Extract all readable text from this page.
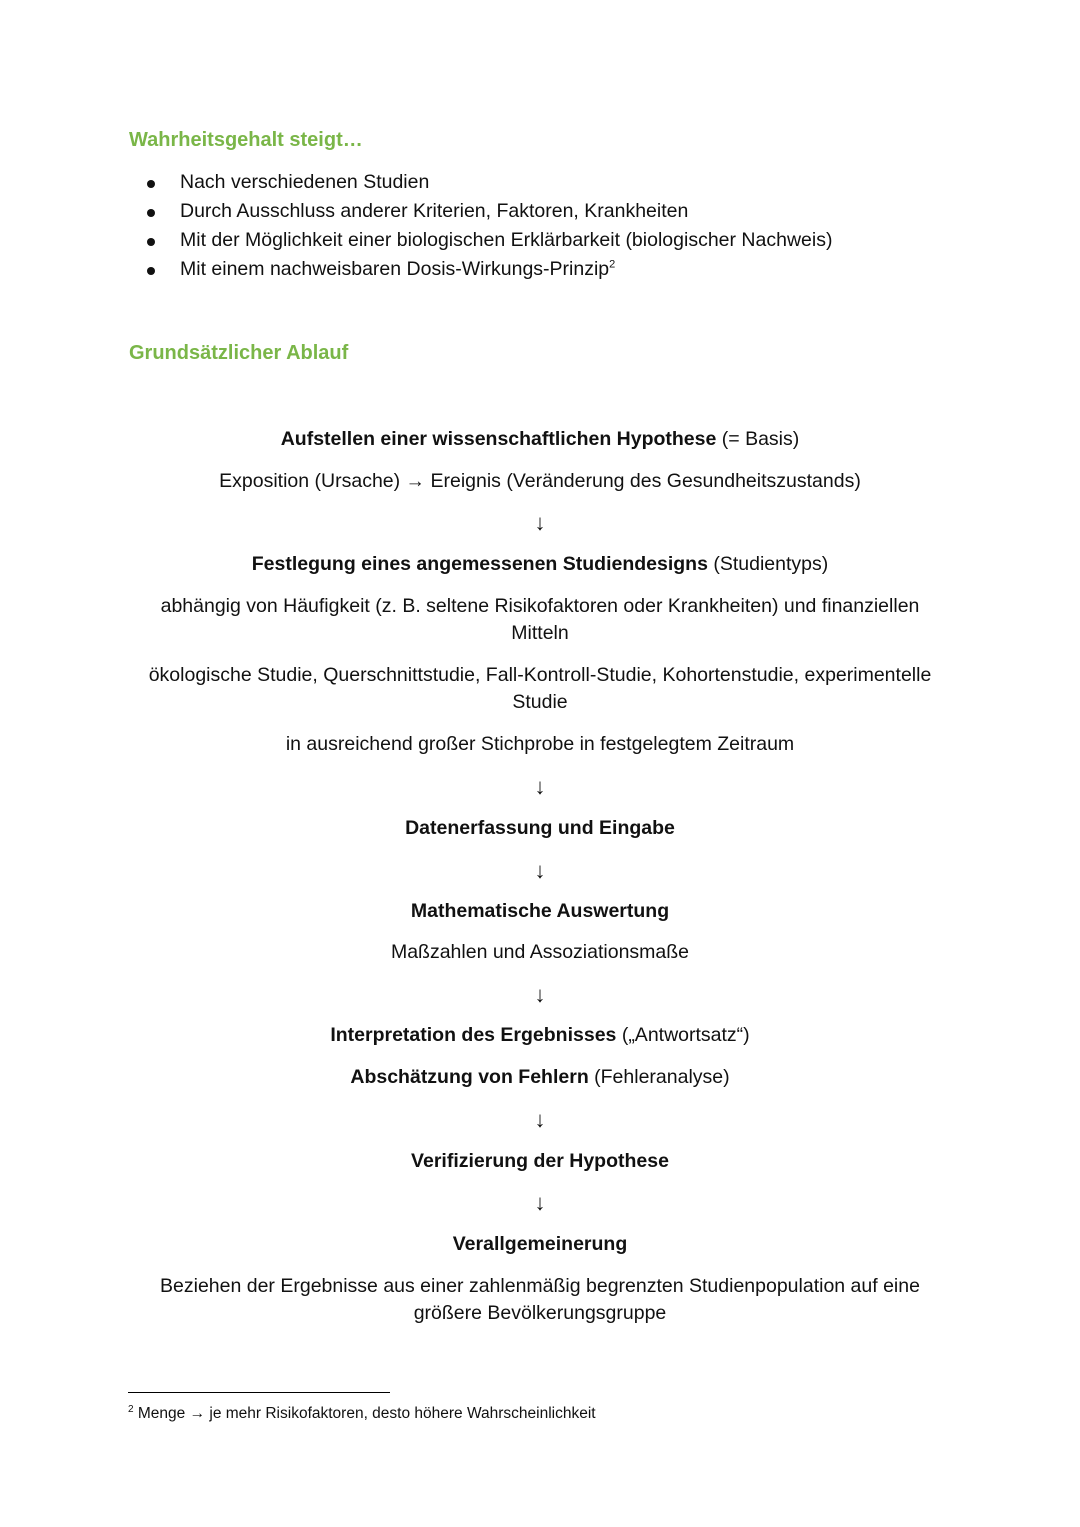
Wahrheitsgehalt steigt…
Nach verschiedenen Studien
Durch Ausschluss anderer Kriterien, Faktoren, Krankheiten
Mit der Möglichkeit einer biologischen Erklärbarkeit (biologischer Nachweis)
Mit einem nachweisbaren Dosis-Wirkungs-Prinzip$^2$
Grundsätzlicher Ablauf
Aufstellen einer wissenschaftlichen Hypothese (= Basis)
Exposition (Ursache) → Ereignis (Veränderung des Gesundheitszustands)
↓
Festlegung eines angemessenen Studiendesigns (Studientyps)
abhängig von Häufigkeit (z. B. seltene Risikofaktoren oder Krankheiten) und finanziellen Mitteln
ökologische Studie, Querschnittstudie, Fall-Kontroll-Studie, Kohortenstudie, experimentelle Studie
in ausreichend großer Stichprobe in festgelegtem Zeitraum
↓
Datenerfassung und Eingabe
↓
Mathematische Auswertung
Maßzahlen und Assoziationsmaße
↓
Interpretation des Ergebnisses („Antwortsatz“)
Abschätzung von Fehlern (Fehleranalyse)
↓
Verifizierung der Hypothese
↓
Verallgemeinerung
Beziehen der Ergebnisse aus einer zahlenmäßig begrenzten Studienpopulation auf eine größere Bevölkerungsgruppe
$^2$ Menge → je mehr Risikofaktoren, desto höhere Wahrscheinlichkeit
